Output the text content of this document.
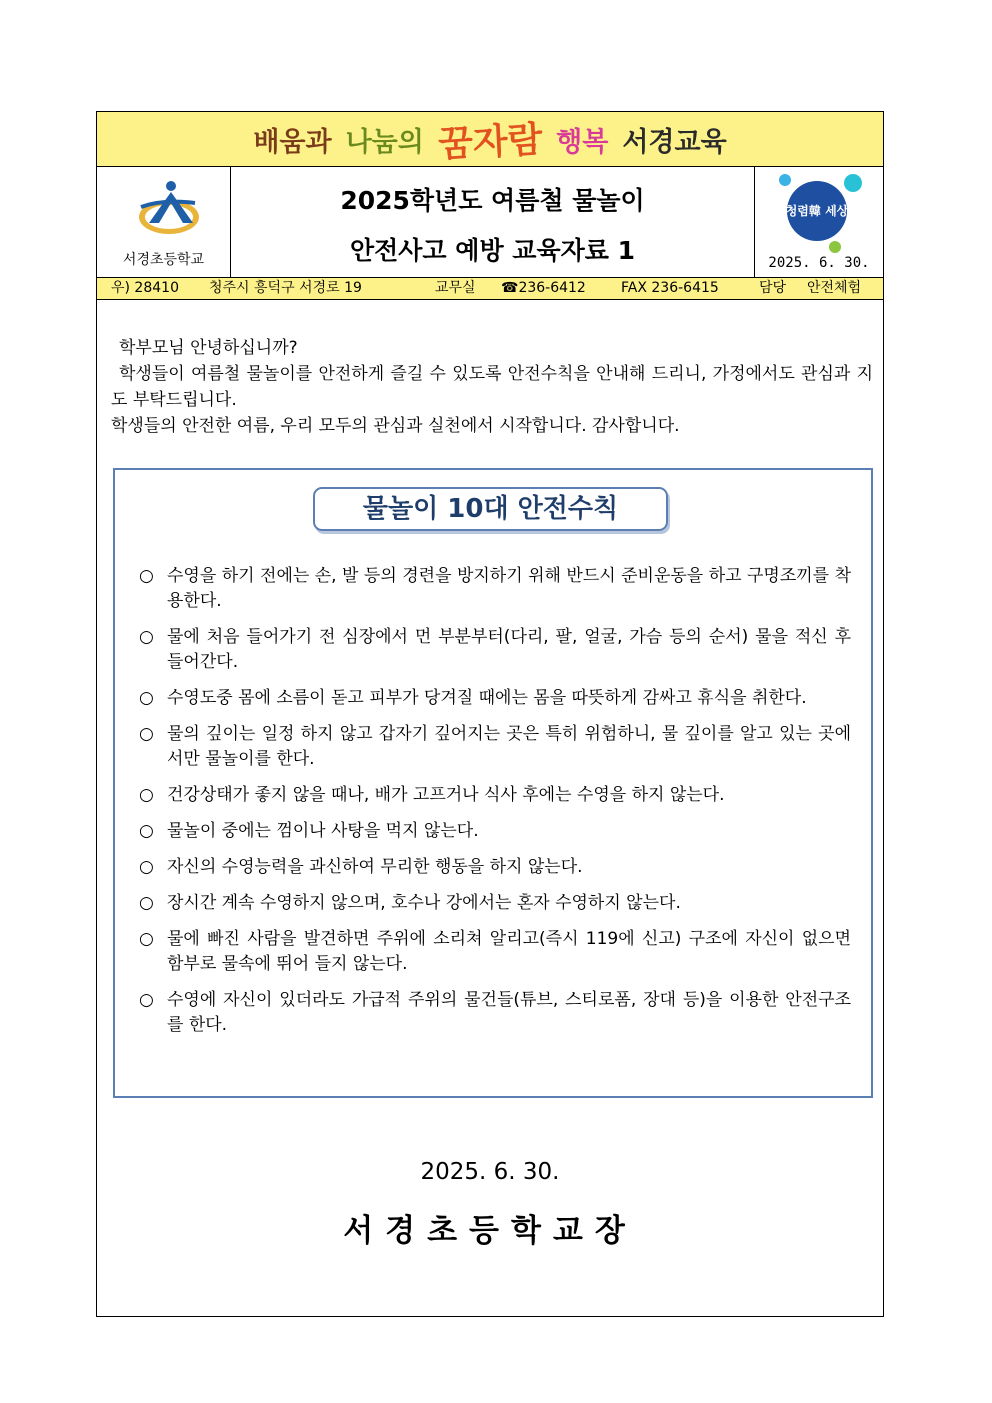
배움과 나눔의 꿈자람 행복 서경교육
서경초등학교
2025학년도 여름철 물놀이
안전사고 예방 교육자료 1
청렴韓 세상
2025. 6. 30.
우) 28410 청주시 흥덕구 서경로 19	교무실 ☎236-6412	FAX 236-6415	담당 안전체험

학부모님 안녕하십니까?

학생들이 여름철 물놀이를 안전하게 즐길 수 있도록 안전수칙을 안내해 드리니, 가정에서도 관심과 지도 부탁드립니다.

학생들의 안전한 여름, 우리 모두의 관심과 실천에서 시작합니다. 감사합니다.

물놀이 10대 안전수칙
○ 수영을 하기 전에는 손, 발 등의 경련을 방지하기 위해 반드시 준비운동을 하고 구명조끼를 착용한다.
○ 물에 처음 들어가기 전 심장에서 먼 부분부터(다리, 팔, 얼굴, 가슴 등의 순서) 물을 적신 후 들어간다.
○ 수영도중 몸에 소름이 돋고 피부가 당겨질 때에는 몸을 따뜻하게 감싸고 휴식을 취한다.
○ 물의 깊이는 일정 하지 않고 갑자기 깊어지는 곳은 특히 위험하니, 물 깊이를 알고 있는 곳에서만 물놀이를 한다.
○ 건강상태가 좋지 않을 때나, 배가 고프거나 식사 후에는 수영을 하지 않는다.
○ 물놀이 중에는 껌이나 사탕을 먹지 않는다.
○ 자신의 수영능력을 과신하여 무리한 행동을 하지 않는다.
○ 장시간 계속 수영하지 않으며, 호수나 강에서는 혼자 수영하지 않는다.
○ 물에 빠진 사람을 발견하면 주위에 소리쳐 알리고(즉시 119에 신고) 구조에 자신이 없으면 함부로 물속에 뛰어 들지 않는다.
○ 수영에 자신이 있더라도 가급적 주위의 물건들(튜브, 스티로폼, 장대 등)을 이용한 안전구조를 한다.
2025. 6. 30.
서경초등학교장
